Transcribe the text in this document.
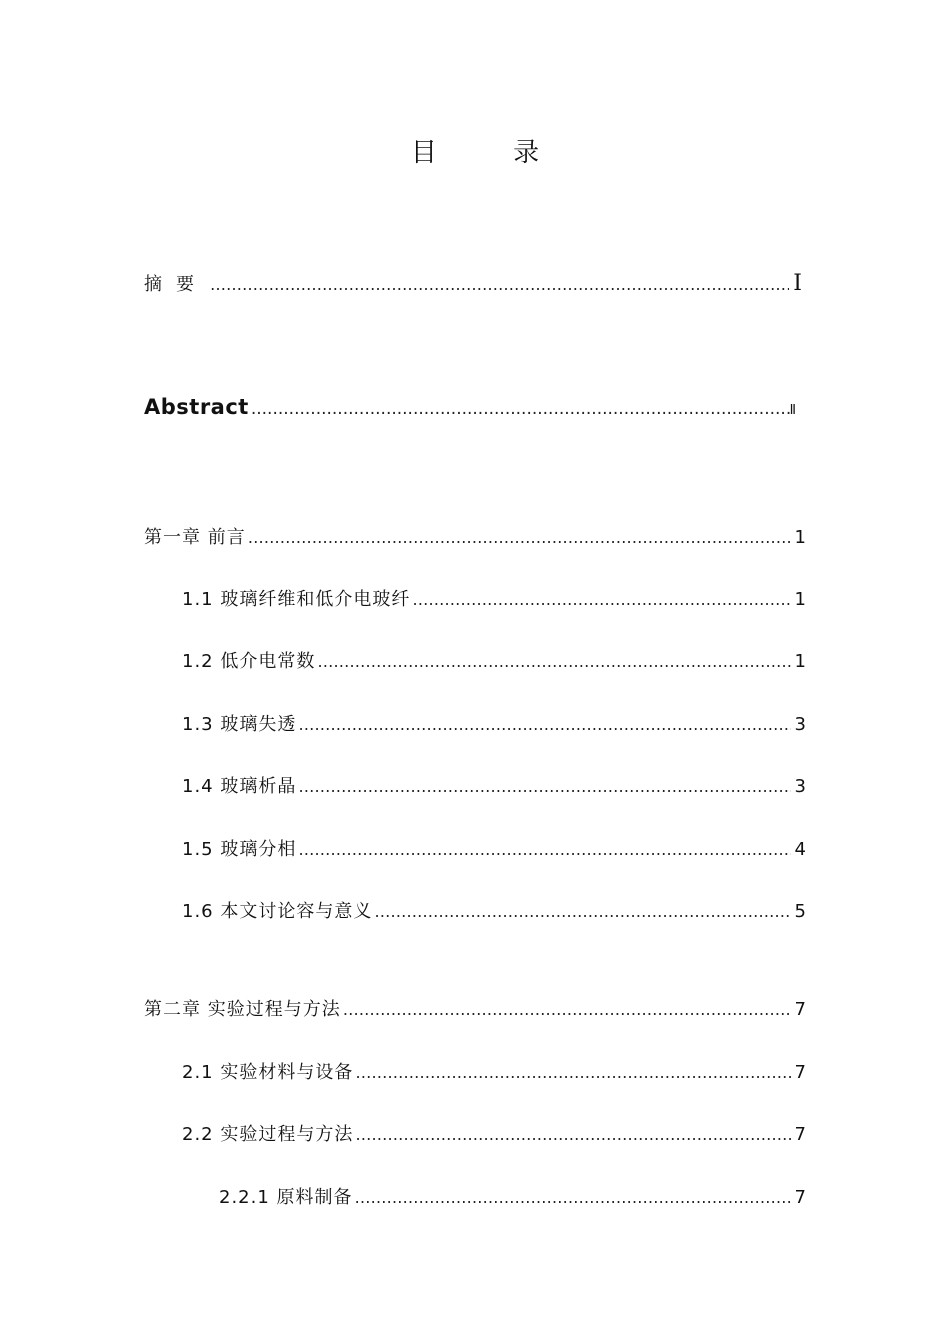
目 录
摘要 …………………………………………………………………………………………………………………………………………………………………………	I
Abstract .....	Ⅱ
第一章 前言 …………………………………………………………………………………………………………………………………………………………………………	1
1.1 玻璃纤维和低介电玻纤 …………………………………………………………………………………………………………………………………………………………………………	1
1.2 低介电常数 …………………………………………………………………………………………………………………………………………………………………………	1
1.3 玻璃失透 …………………………………………………………………………………………………………………………………………………………………………	3
1.4 玻璃析晶 …………………………………………………………………………………………………………………………………………………………………………	3
1.5 玻璃分相 …………………………………………………………………………………………………………………………………………………………………………	4
1.6 本文讨论容与意义 …………………………………………………………………………………………………………………………………………………………………………	5
第二章 实验过程与方法 …………………………………………………………………………………………………………………………………………………………………………	7
2.1 实验材料与设备 …………………………………………………………………………………………………………………………………………………………………………	7
2.2 实验过程与方法 …………………………………………………………………………………………………………………………………………………………………………	7
2.2.1 原料制备 …………………………………………………………………………………………………………………………………………………………………………	7
